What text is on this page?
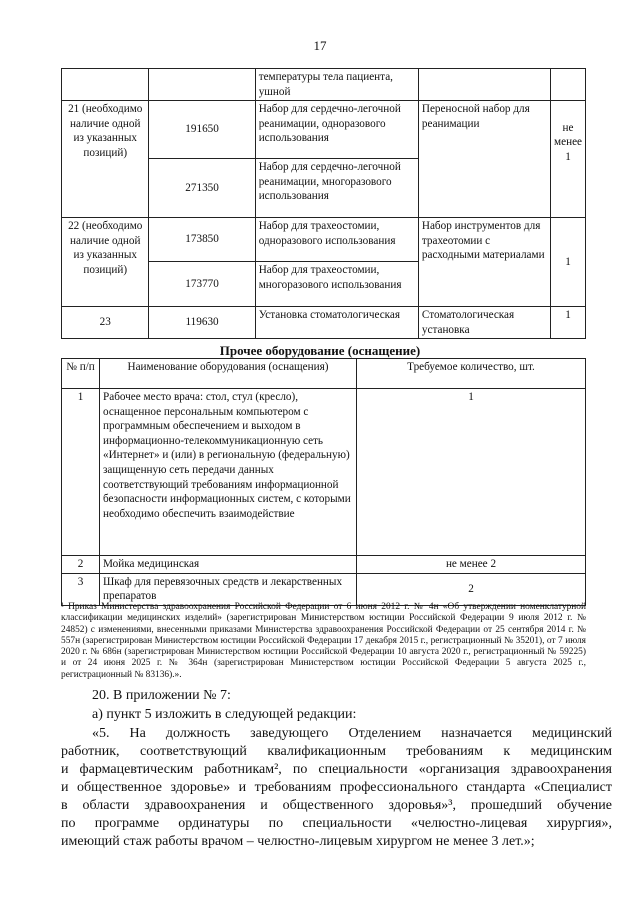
17
		температуры тела пациента, ушной		
21 (необходимо наличие одной из указанных позиций)	191650	Набор для сердечно-легочной реанимации, одноразового использования	Переносной набор для реанимации	не менее 1
	271350	Набор для сердечно-легочной реанимации, многоразового использования		
22 (необходимо наличие одной из указанных позиций)	173850	Набор для трахеостомии, одноразового использования	Набор инструментов для трахеотомии с расходными материалами	1
	173770	Набор для трахеостомии, многоразового использования		
23	119630	Установка стоматологическая	Стоматологическая установка	1
Прочее оборудование (оснащение)
№ п/п	Наименование оборудования (оснащения)	Требуемое количество, шт.
1	Рабочее место врача: стол, стул (кресло), оснащенное персональным компьютером с программным обеспечением и выходом в информационно-телекоммуникационную сеть «Интернет» и (или) в региональную (федеральную) защищенную сеть передачи данных соответствующий требованиям информационной безопасности информационных систем, с которыми необходимо обеспечить взаимодействие	1
2	Мойка медицинская	не менее 2
3	Шкаф для перевязочных средств и лекарственных препаратов	2
¹ Приказ Министерства здравоохранения Российской Федерации от 6 июня 2012 г. № 4н «Об утверждении номенклатурной классификации медицинских изделий» (зарегистрирован Министерством юстиции Российской Федерации 9 июля 2012 г. № 24852) с изменениями, внесенными приказами Министерства здравоохранения Российской Федерации от 25 сентября 2014 г. № 557н (зарегистрирован Министерством юстиции Российской Федерации 17 декабря 2015 г., регистрационный № 35201), от 7 июля 2020 г. № 686н (зарегистрирован Министерством юстиции Российской Федерации 10 августа 2020 г., регистрационный № 59225) и от 24 июня 2025 г. № 364н (зарегистрирован Министерством юстиции Российской Федерации 5 августа 2025 г., регистрационный № 83136).».
20. В приложении № 7:
а) пункт 5 изложить в следующей редакции:
«5. На должность заведующего Отделением назначается медицинский
работник, соответствующий квалификационным требованиям к медицинским
и фармацевтическим работникам², по специальности «организация здравоохранения
и общественное здоровье» и требованиям профессионального стандарта «Специалист
в области здравоохранения и общественного здоровья»³, прошедший обучение
по программе ординатуры по специальности «челюстно-лицевая хирургия»,
имеющий стаж работы врачом – челюстно-лицевым хирургом не менее 3 лет.»;
